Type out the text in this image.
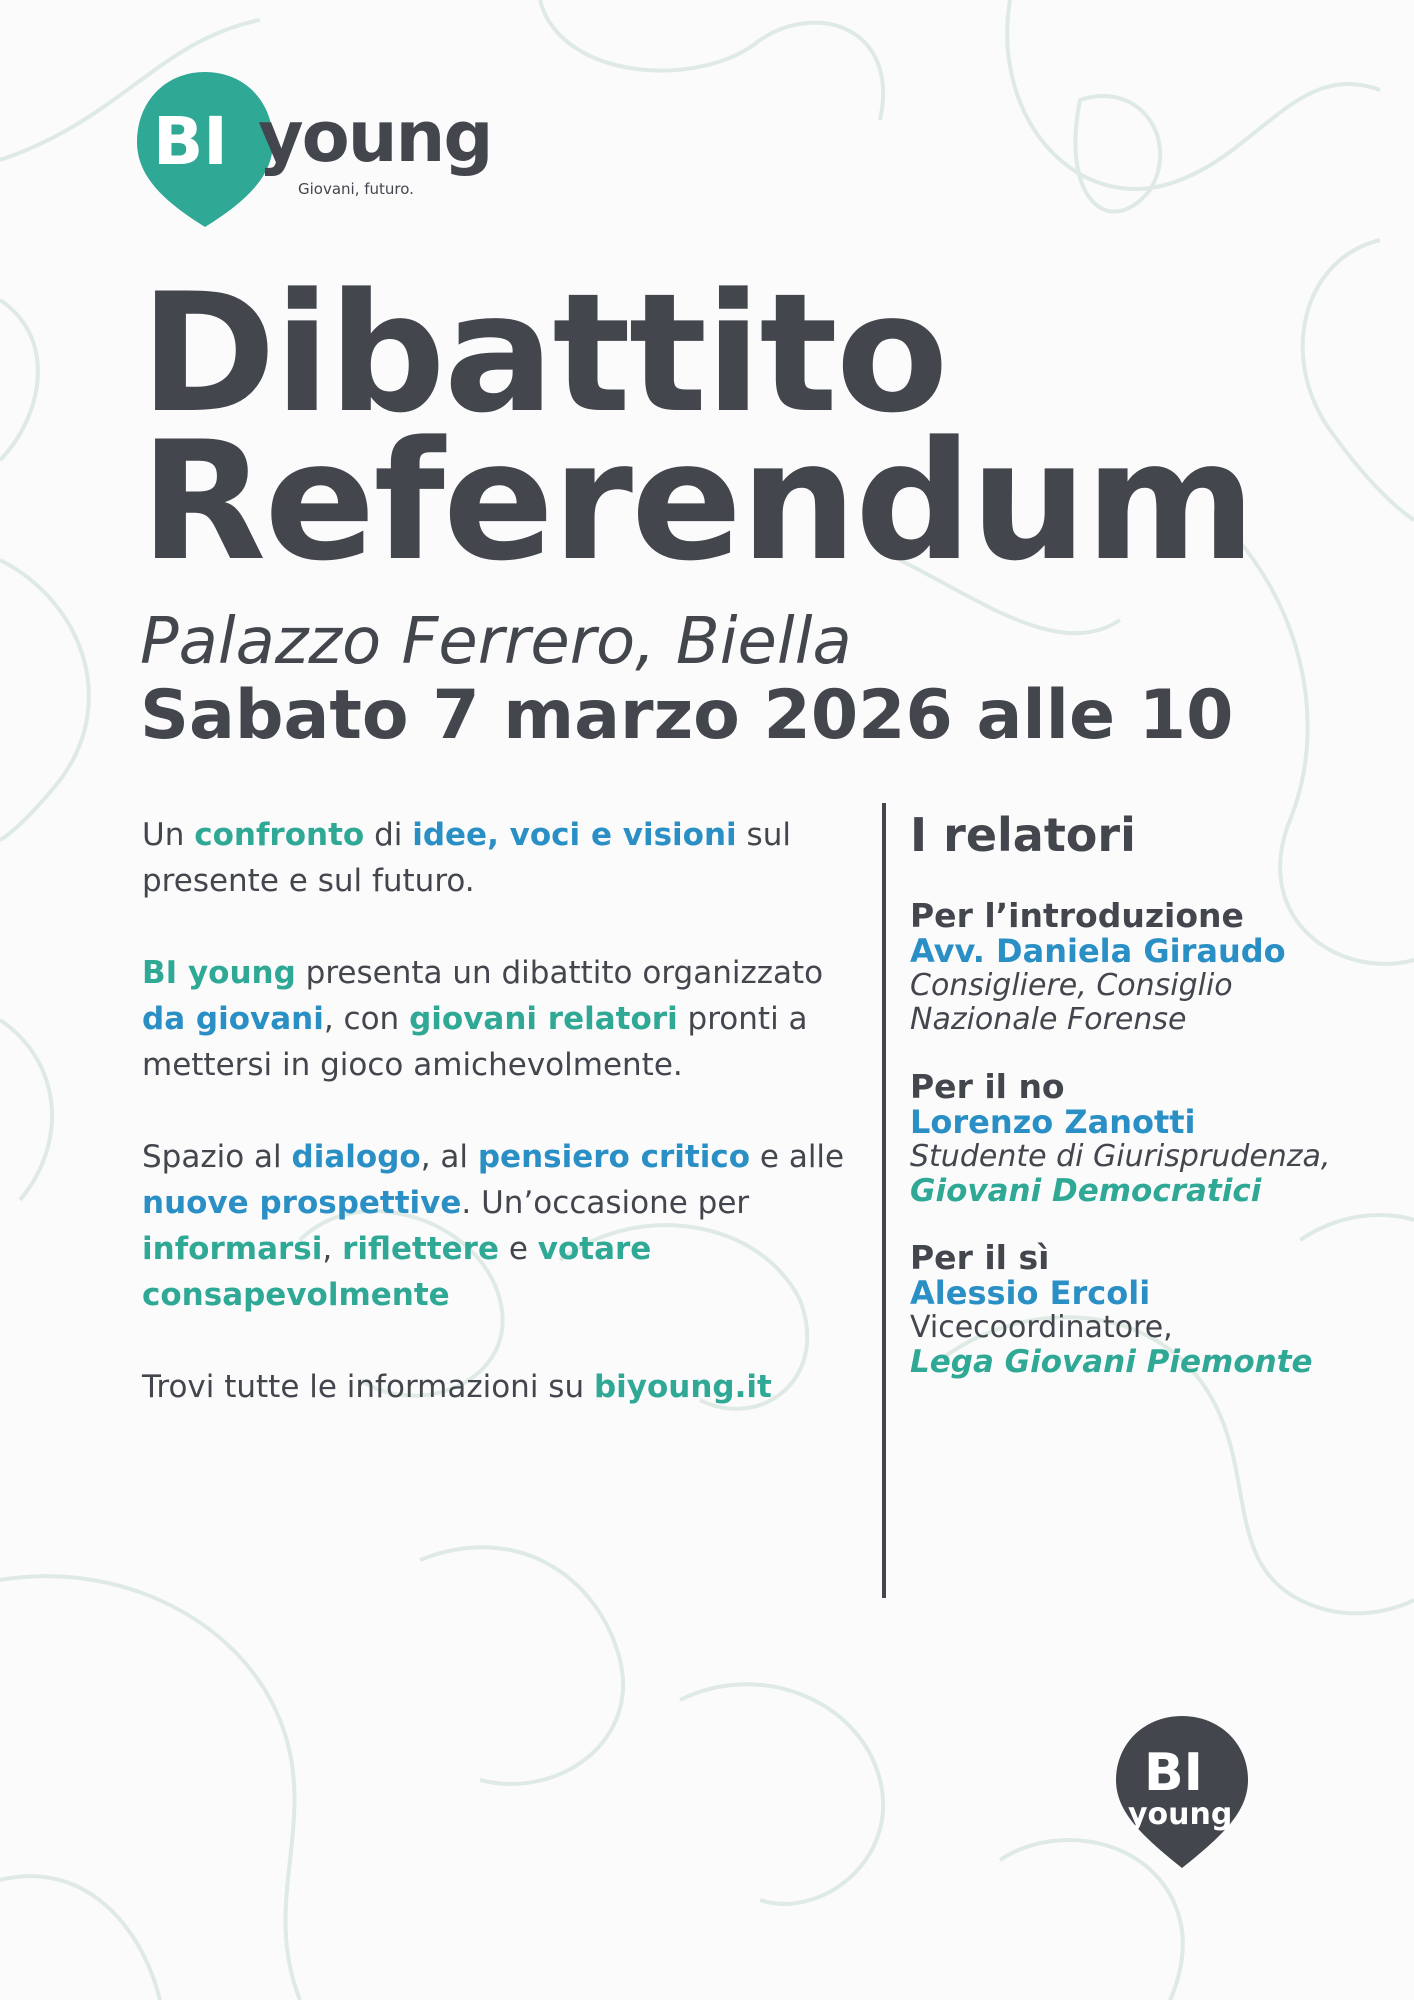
BI young
Giovani, futuro.
Dibattito
Referendum
Palazzo Ferrero, Biella
Sabato 7 marzo 2026 alle 10

Un confronto di idee, voci e visioni sul presente e sul futuro.

BI young presenta un dibattito organizzato da giovani, con giovani relatori pronti a mettersi in gioco amichevolmente.

Spazio al dialogo, al pensiero critico e alle nuove prospettive. Un’occasione per informarsi, riflettere e votare consapevolmente

Trovi tutte le informazioni su biyoung.it

I relatori
Per l’introduzione
Avv. Daniela Giraudo
Consigliere, Consiglio Nazionale Forense
Per il no
Lorenzo Zanotti
Studente di Giurisprudenza,
Giovani Democratici
Per il sì
Alessio Ercoli
Vicecoordinatore,
Lega Giovani Piemonte
BI
young
